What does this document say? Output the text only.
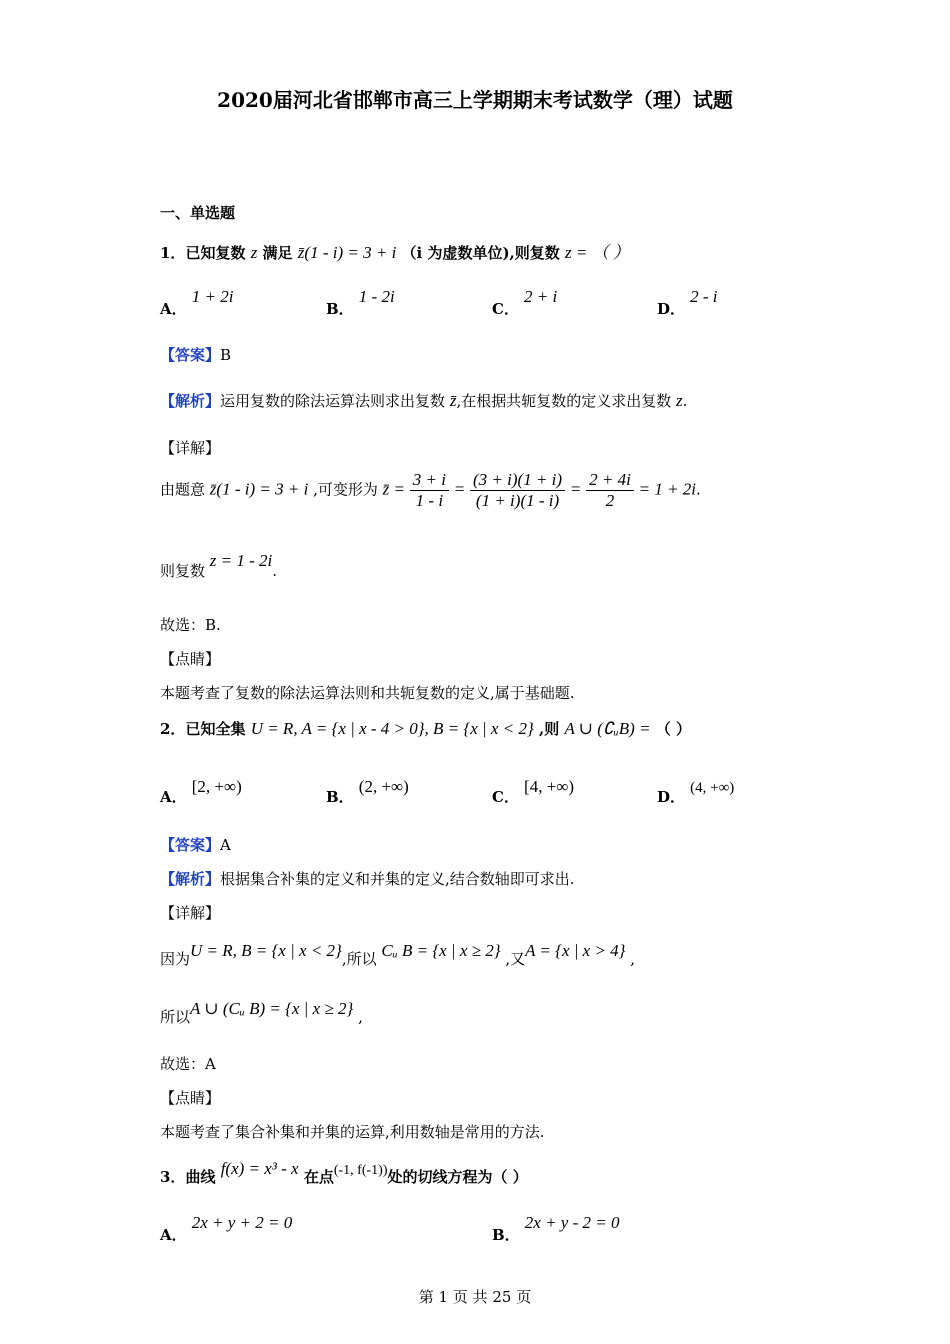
2020届河北省邯郸市高三上学期期末考试数学（理）试题
一、单选题
1．已知复数 z 满足 z̄(1 - i) = 3 + i （i 为虚数单位),则复数 z = （ ）
A． 1 + 2i
B． 1 - 2i
C． 2 + i
D． 2 - i
【答案】B
【解析】运用复数的除法运算法则求出复数 z̄,在根据共轭复数的定义求出复数 z.
【详解】
由题意 z̄(1 - i) = 3 + i ,可变形为 z̄ = $\frac{3 + i}{1 - i} = \frac{(3 + i)(1 + i)}{(1 + i)(1 - i)} = \frac{2 + 4i}{2} = 1 + 2i$.
则复数 z = 1 - 2i.
故选：B.
【点睛】
本题考查了复数的除法运算法则和共轭复数的定义,属于基础题.
2．已知全集 U = R, A = {x | x - 4 > 0}, B = {x | x < 2} ,则 A ∪ (∁ᵤB) = （ ）
A． [2, +∞)
B． (2, +∞)
C． [4, +∞)
D． (4, +∞)
【答案】A
【解析】根据集合补集的定义和并集的定义,结合数轴即可求出.
【详解】
因为U = R, B = {x | x < 2},所以 Cᵤ B = {x | x ≥ 2} ,又A = {x | x > 4} ,
所以A ∪ (Cᵤ B) = {x | x ≥ 2} ,
故选：A
【点睛】
本题考查了集合补集和并集的运算,利用数轴是常用的方法.
3．曲线 f(x) = x³ - x 在点(-1, f(-1))处的切线方程为（ ）
A． 2x + y + 2 = 0
B． 2x + y - 2 = 0
第 1 页 共 25 页
